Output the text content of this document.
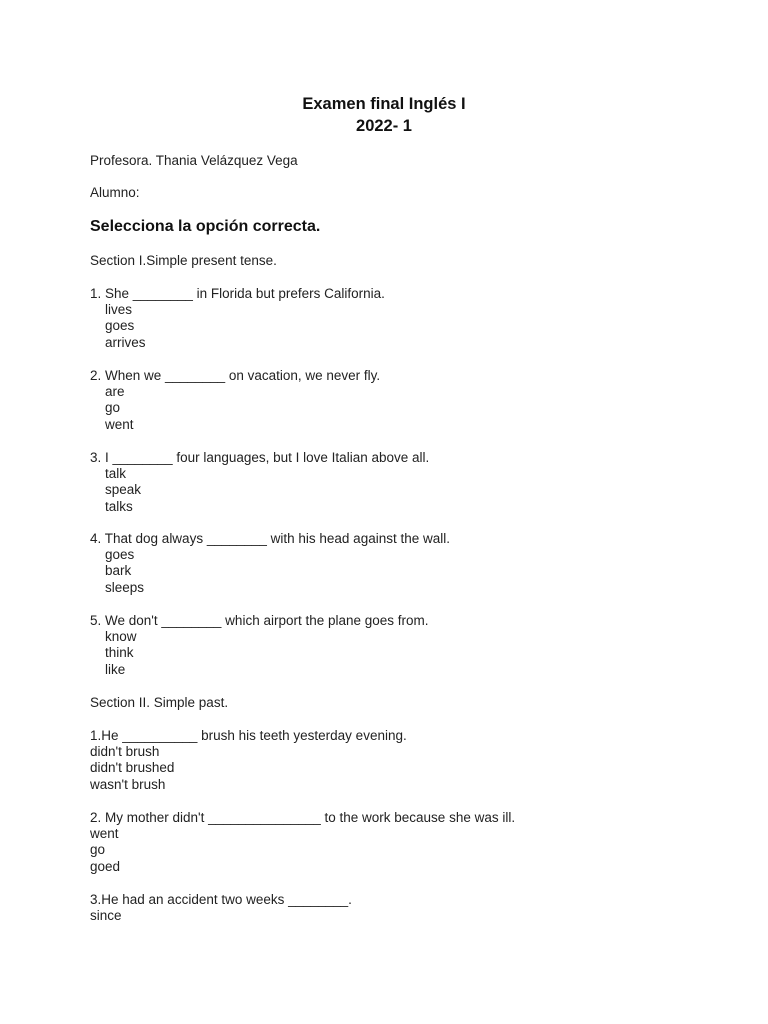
Examen final Inglés I
2022- 1
Profesora. Thania Velázquez Vega
Alumno:
Selecciona la opción correcta.
Section I.Simple present tense.
1. She ________ in Florida but prefers California.
lives
goes
arrives
2. When we ________ on vacation, we never fly.
are
go
went
3. I ________ four languages, but I love Italian above all.
talk
speak
talks
4. That dog always ________ with his head against the wall.
goes
bark
sleeps
5. We don't ________ which airport the plane goes from.
know
think
like
Section II. Simple past.
1.He __________ brush his teeth yesterday evening.
didn't brush
didn't brushed
wasn't brush
2. My mother didn't _______________ to the work because she was ill.
went
go
goed
3.He had an accident two weeks ________.
since
